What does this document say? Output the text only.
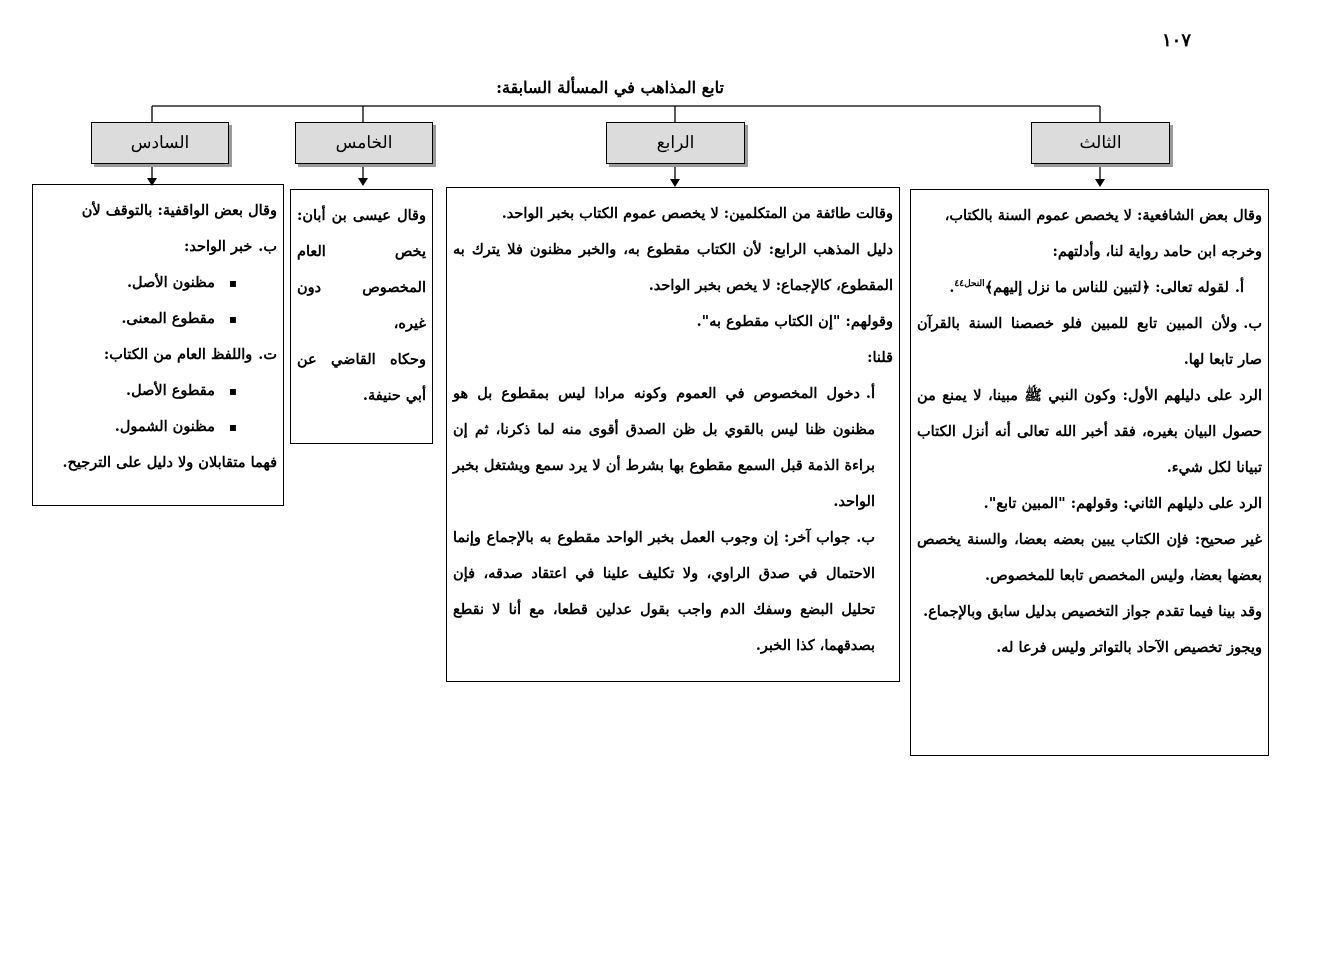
١٠٧
تابع المذاهب في المسألة السابقة:
الثالث
الرابع
الخامس
السادس

وقال بعض الشافعية: لا يخصص عموم السنة بالكتاب،

وخرجه ابن حامد رواية لنا، وأدلتهم:

أ.لقوله تعالى: ﴿لتبين للناس ما نزل إليهم﴾$^{النحل٤٤}$.

ب.ولأن المبين تابع للمبين فلو خصصنا السنة بالقرآن صار تابعا لها.

الرد على دليلهم الأول: وكون النبي ﷺ مبينا، لا يمنع من حصول البيان بغيره، فقد أخبر الله تعالى أنه أنزل الكتاب تبيانا لكل شيء.

الرد على دليلهم الثاني: وقولهم: "المبين تابع".

غير صحيح: فإن الكتاب يبين بعضه بعضا، والسنة يخصص بعضها بعضا، وليس المخصص تابعا للمخصوص.

وقد بينا فيما تقدم جواز التخصيص بدليل سابق وبالإجماع.

ويجوز تخصيص الآحاد بالتواتر وليس فرعا له.

وقالت طائفة من المتكلمين: لا يخصص عموم الكتاب بخبر الواحد.

دليل المذهب الرابع: لأن الكتاب مقطوع به، والخبر مظنون فلا يترك به المقطوع، كالإجماع: لا يخص بخبر الواحد.

وقولهم: "إن الكتاب مقطوع به".

قلنا:

أ.دخول المخصوص في العموم وكونه مرادا ليس بمقطوع بل هو مظنون ظنا ليس بالقوي بل ظن الصدق أقوى منه لما ذكرنا، ثم إن براءة الذمة قبل السمع مقطوع بها بشرط أن لا يرد سمع ويشتغل بخبر الواحد.

ب.جواب آخر: إن وجوب العمل بخبر الواحد مقطوع به بالإجماع وإنما الاحتمال في صدق الراوي، ولا تكليف علينا في اعتقاد صدقه، فإن تحليل البضع وسفك الدم واجب بقول عدلين قطعا، مع أنا لا نقطع بصدقهما، كذا الخبر.

وقال عيسى بن أبان: يخص العام المخصوص دون غيره،

وحكاه القاضي عن أبي حنيفة.

وقال بعض الواقفية: بالتوقف لأن

ب.خبر الواحد:

▪ مظنون الأصل.

▪ مقطوع المعنى.

ت.واللفظ العام من الكتاب:

▪ مقطوع الأصل.

▪ مظنون الشمول.

فهما متقابلان ولا دليل على الترجيح.
